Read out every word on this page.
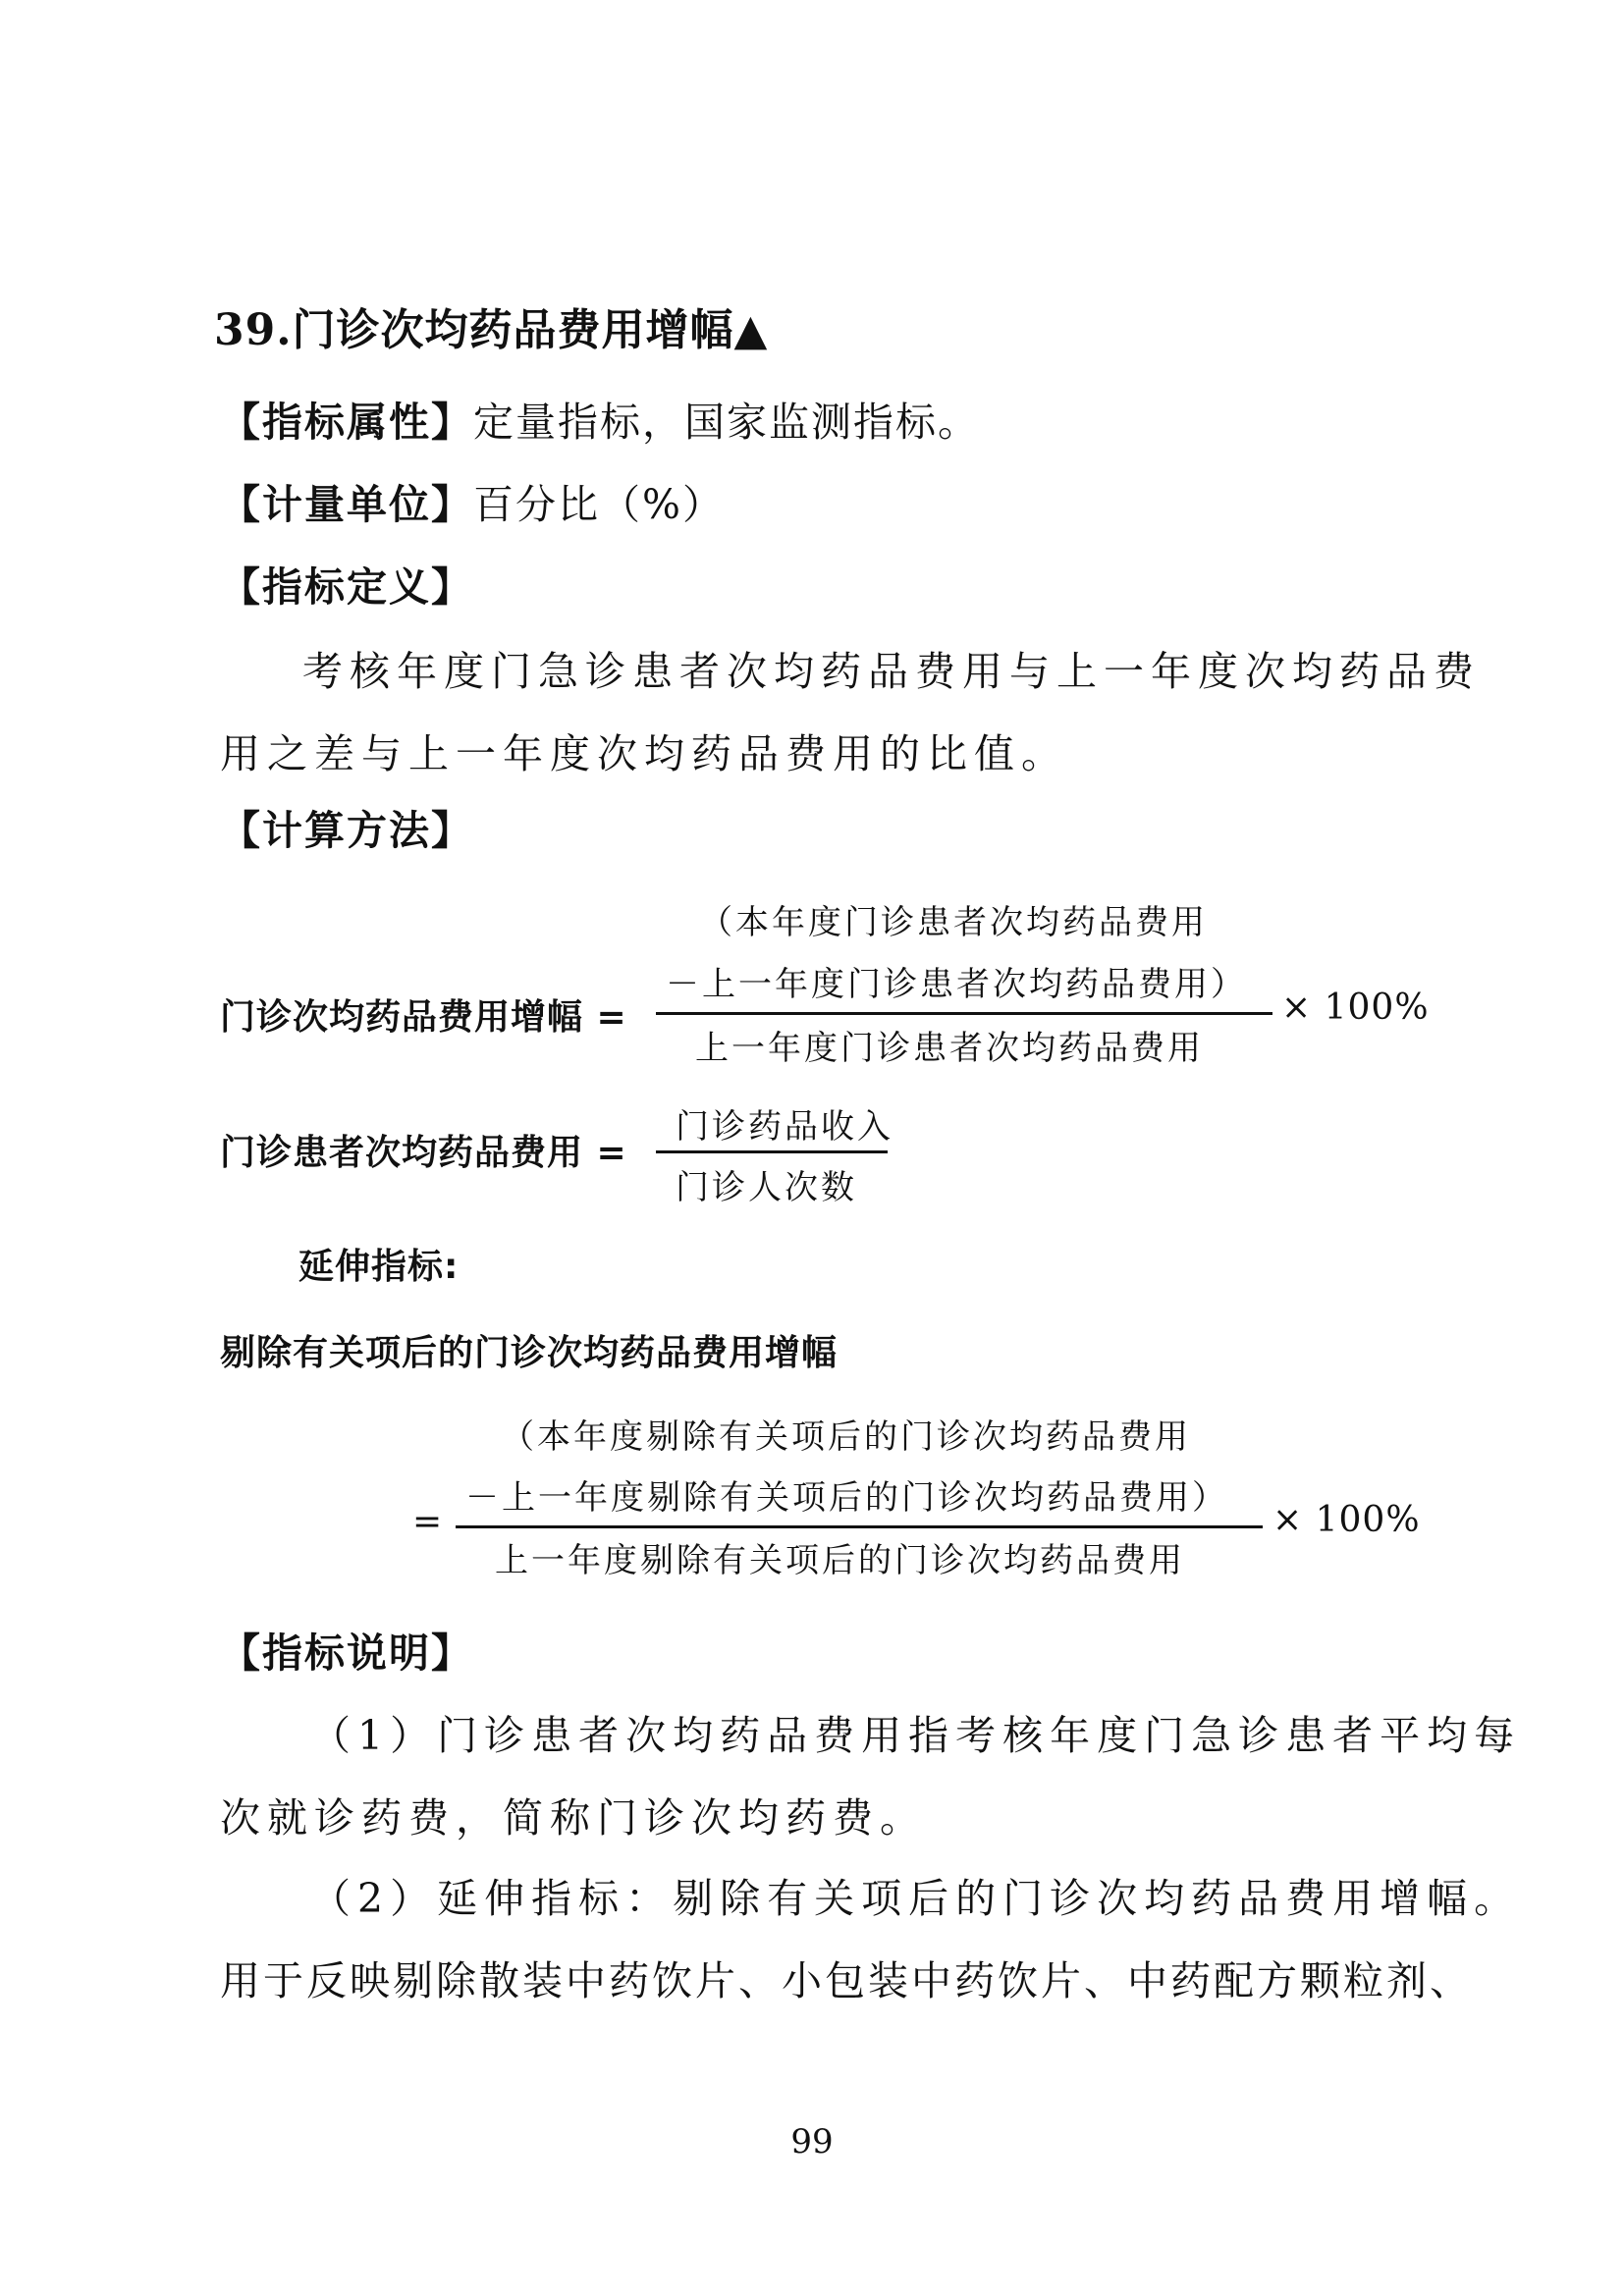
39.门诊次均药品费用增幅▲
【指标属性】定量指标，国家监测指标。
【计量单位】百分比（%）
【指标定义】
考核年度门急诊患者次均药品费用与上一年度次均药品费
用之差与上一年度次均药品费用的比值。
【计算方法】
（本年度门诊患者次均药品费用
－上一年度门诊患者次均药品费用）
门诊次均药品费用增幅 =	× 100%
上一年度门诊患者次均药品费用
门诊药品收入
门诊患者次均药品费用 =
门诊人次数
延伸指标:
剔除有关项后的门诊次均药品费用增幅
（本年度剔除有关项后的门诊次均药品费用
－上一年度剔除有关项后的门诊次均药品费用）
=	× 100%
上一年度剔除有关项后的门诊次均药品费用
【指标说明】
（1）门诊患者次均药品费用指考核年度门急诊患者平均每
次就诊药费，简称门诊次均药费。
（2）延伸指标：剔除有关项后的门诊次均药品费用增幅。
用于反映剔除散装中药饮片、小包装中药饮片、中药配方颗粒剂、
99
